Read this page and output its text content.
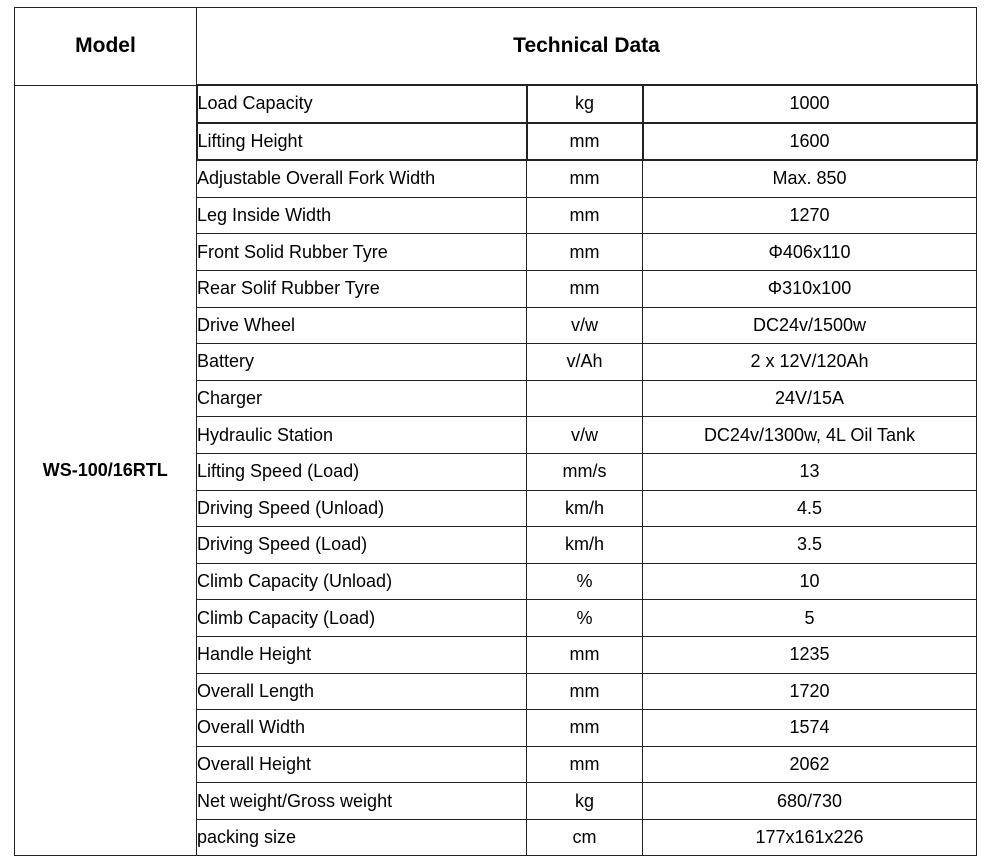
Model	Technical Data		
WS-100/16RTL	Load Capacity	kg	1000
	Lifting Height	mm	1600
	Adjustable Overall Fork Width	mm	Max. 850
	Leg Inside Width	mm	1270
	Front Solid Rubber Tyre	mm	Φ406x110
	Rear Solif Rubber Tyre	mm	Φ310x100
	Drive Wheel	v/w	DC24v/1500w
	Battery	v/Ah	2 x 12V/120Ah
	Charger		24V/15A
	Hydraulic Station	v/w	DC24v/1300w, 4L Oil Tank
	Lifting Speed (Load)	mm/s	13
	Driving Speed (Unload)	km/h	4.5
	Driving Speed (Load)	km/h	3.5
	Climb Capacity (Unload)	%	10
	Climb Capacity (Load)	%	5
	Handle Height	mm	1235
	Overall Length	mm	1720
	Overall Width	mm	1574
	Overall Height	mm	2062
	Net weight/Gross weight	kg	680/730
	packing size	cm	177x161x226
